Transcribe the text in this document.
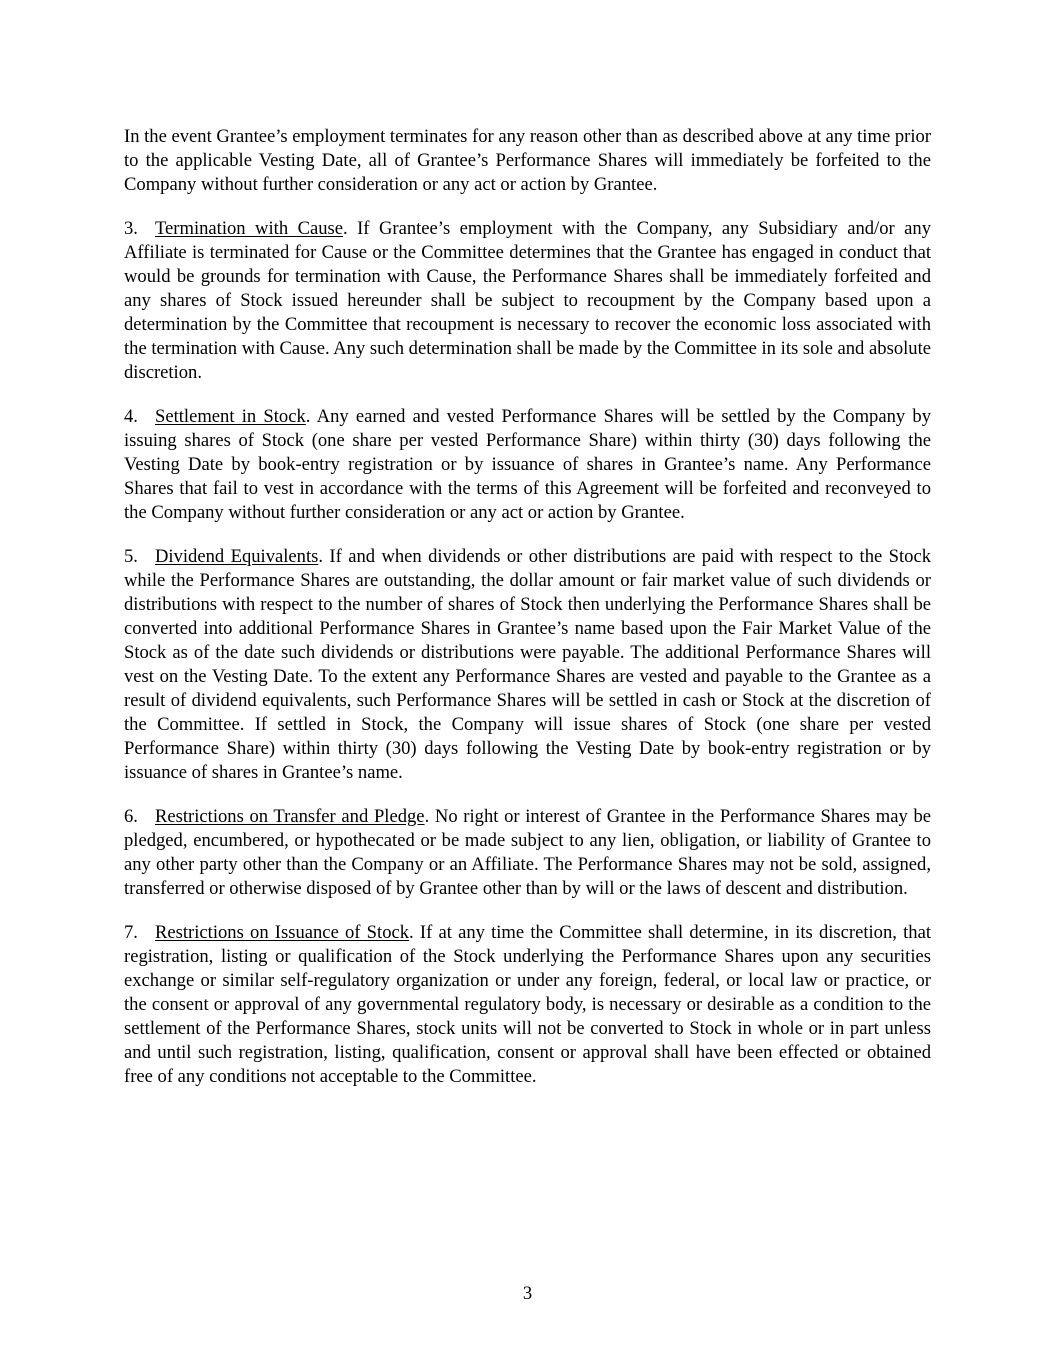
In the event Grantee’s employment terminates for any reason other than as described above at any time prior to the applicable Vesting Date, all of Grantee’s Performance Shares will immediately be forfeited to the Company without further consideration or any act or action by Grantee.

3. Termination with Cause. If Grantee’s employment with the Company, any Subsidiary and/or any Affiliate is terminated for Cause or the Committee determines that the Grantee has engaged in conduct that would be grounds for termination with Cause, the Performance Shares shall be immediately forfeited and any shares of Stock issued hereunder shall be subject to recoupment by the Company based upon a determination by the Committee that recoupment is necessary to recover the economic loss associated with the termination with Cause. Any such determination shall be made by the Committee in its sole and absolute discretion.

4. Settlement in Stock. Any earned and vested Performance Shares will be settled by the Company by issuing shares of Stock (one share per vested Performance Share) within thirty (30) days following the Vesting Date by book-entry registration or by issuance of shares in Grantee’s name. Any Performance Shares that fail to vest in accordance with the terms of this Agreement will be forfeited and reconveyed to the Company without further consideration or any act or action by Grantee.

5. Dividend Equivalents. If and when dividends or other distributions are paid with respect to the Stock while the Performance Shares are outstanding, the dollar amount or fair market value of such dividends or distributions with respect to the number of shares of Stock then underlying the Performance Shares shall be converted into additional Performance Shares in Grantee’s name based upon the Fair Market Value of the Stock as of the date such dividends or distributions were payable. The additional Performance Shares will vest on the Vesting Date. To the extent any Performance Shares are vested and payable to the Grantee as a result of dividend equivalents, such Performance Shares will be settled in cash or Stock at the discretion of the Committee. If settled in Stock, the Company will issue shares of Stock (one share per vested Performance Share) within thirty (30) days following the Vesting Date by book-entry registration or by issuance of shares in Grantee’s name.

6. Restrictions on Transfer and Pledge. No right or interest of Grantee in the Performance Shares may be pledged, encumbered, or hypothecated or be made subject to any lien, obligation, or liability of Grantee to any other party other than the Company or an Affiliate. The Performance Shares may not be sold, assigned, transferred or otherwise disposed of by Grantee other than by will or the laws of descent and distribution.

7. Restrictions on Issuance of Stock. If at any time the Committee shall determine, in its discretion, that registration, listing or qualification of the Stock underlying the Performance Shares upon any securities exchange or similar self-regulatory organization or under any foreign, federal, or local law or practice, or the consent or approval of any governmental regulatory body, is necessary or desirable as a condition to the settlement of the Performance Shares, stock units will not be converted to Stock in whole or in part unless and until such registration, listing, qualification, consent or approval shall have been effected or obtained free of any conditions not acceptable to the Committee.

3
